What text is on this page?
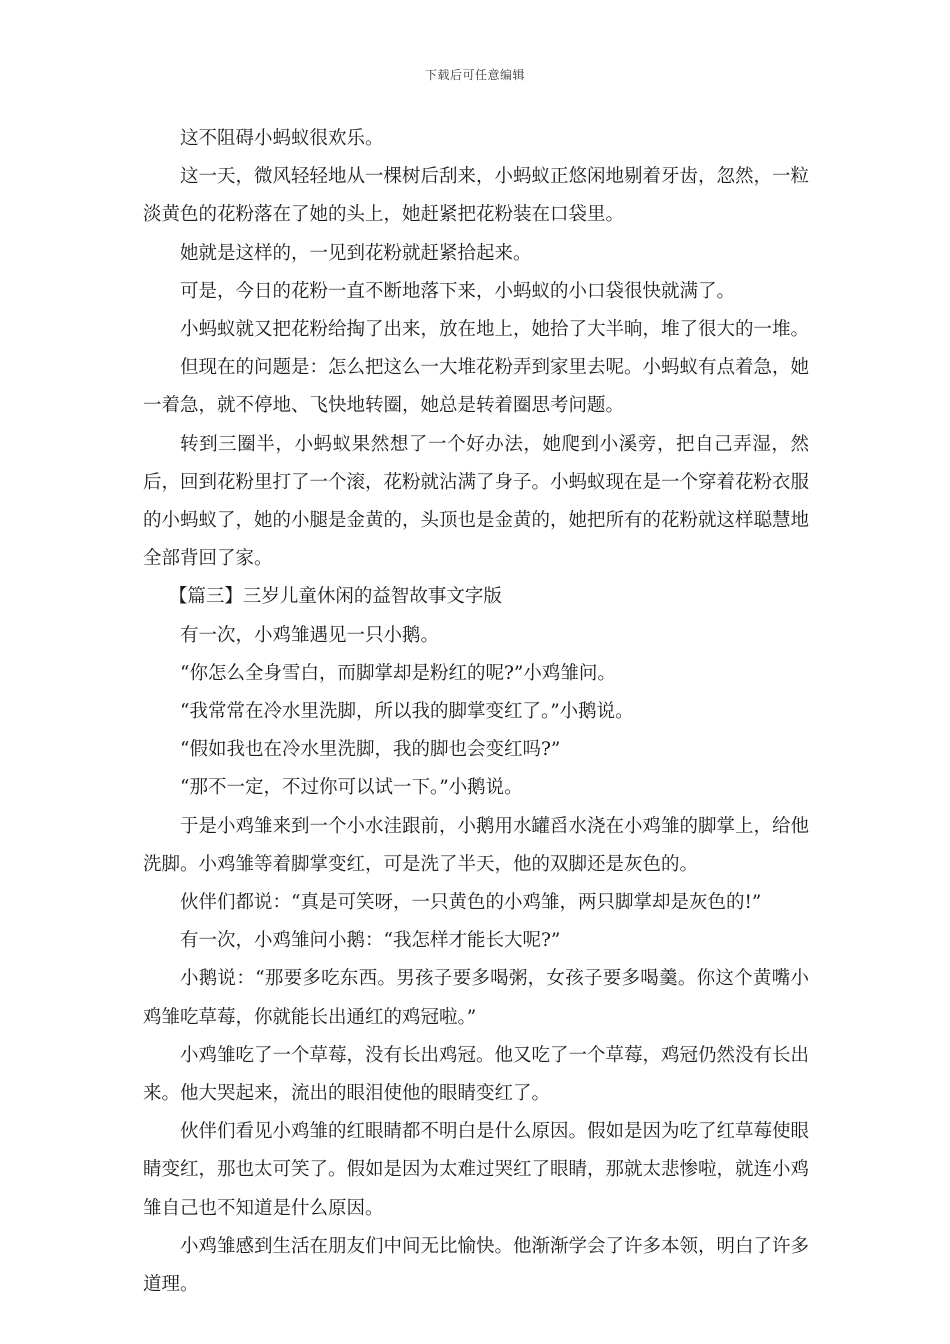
下载后可任意编辑

这不阻碍小蚂蚁很欢乐。

这一天，微风轻轻地从一棵树后刮来，小蚂蚁正悠闲地剔着牙齿，忽然，一粒淡黄色的花粉落在了她的头上，她赶紧把花粉装在口袋里。

她就是这样的，一见到花粉就赶紧拾起来。

可是，今日的花粉一直不断地落下来，小蚂蚁的小口袋很快就满了。

小蚂蚁就又把花粉给掏了出来，放在地上，她拾了大半晌，堆了很大的一堆。

但现在的问题是：怎么把这么一大堆花粉弄到家里去呢。小蚂蚁有点着急，她一着急，就不停地、飞快地转圈，她总是转着圈思考问题。

转到三圈半，小蚂蚁果然想了一个好办法，她爬到小溪旁，把自己弄湿，然后，回到花粉里打了一个滚，花粉就沾满了身子。小蚂蚁现在是一个穿着花粉衣服的小蚂蚁了，她的小腿是金黄的，头顶也是金黄的，她把所有的花粉就这样聪慧地全部背回了家。

【篇三】三岁儿童休闲的益智故事文字版

有一次，小鸡雏遇见一只小鹅。

“你怎么全身雪白，而脚掌却是粉红的呢?”小鸡雏问。

“我常常在冷水里洗脚，所以我的脚掌变红了。”小鹅说。

“假如我也在冷水里洗脚，我的脚也会变红吗?”

“那不一定，不过你可以试一下。”小鹅说。

于是小鸡雏来到一个小水洼跟前，小鹅用水罐舀水浇在小鸡雏的脚掌上，给他洗脚。小鸡雏等着脚掌变红，可是洗了半天，他的双脚还是灰色的。

伙伴们都说：“真是可笑呀，一只黄色的小鸡雏，两只脚掌却是灰色的!”

有一次，小鸡雏问小鹅：“我怎样才能长大呢?”

小鹅说：“那要多吃东西。男孩子要多喝粥，女孩子要多喝羹。你这个黄嘴小鸡雏吃草莓，你就能长出通红的鸡冠啦。”

小鸡雏吃了一个草莓，没有长出鸡冠。他又吃了一个草莓，鸡冠仍然没有长出来。他大哭起来，流出的眼泪使他的眼睛变红了。

伙伴们看见小鸡雏的红眼睛都不明白是什么原因。假如是因为吃了红草莓使眼睛变红，那也太可笑了。假如是因为太难过哭红了眼睛，那就太悲惨啦，就连小鸡雏自己也不知道是什么原因。

小鸡雏感到生活在朋友们中间无比愉快。他渐渐学会了许多本领，明白了许多道理。
